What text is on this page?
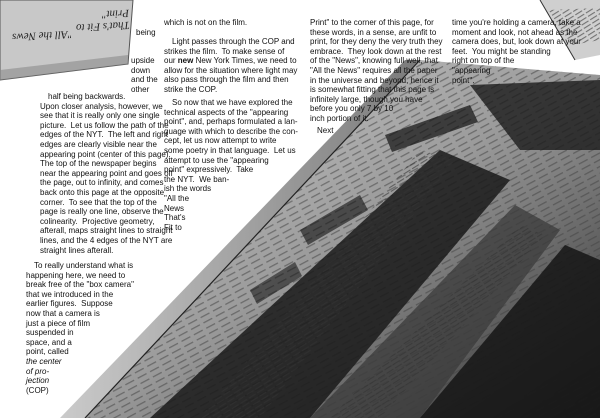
That's Fit to Print"
"All the News	being
upside
down
and the
other
half being backwards.
Upon closer analysis, however, we
see that it is really only one single
picture.  Let us follow the path of the
edges of the NYT.  The left and right
edges are clearly visible near the
appearing point (center of this page).
The top of the newspaper begins
near the appearing point and goes off
the page, out to infinity, and comes
back onto this page at the opposite
corner.  To see that the top of the
page is really one line, observe the
colinearity.  Projective geometry,
afterall, maps straight lines to straight
lines, and the 4 edges of the NYT are
straight lines afterall.
To really understand what is
happening here, we need to
break free of the "box camera"
that we introduced in the
earlier figures.  Suppose
now that a camera is
just a piece of film
suspended in
space, and a
point, called
the center
of pro-
jection
(COP)
which is not on the film.
Light passes through the COP and
strikes the film.  To make sense of
our new New York Times, we need to
allow for the situation where light may
also pass through the film and then
strike the COP.
So now that we have explored the
technical aspects of the "appearing
point", and, perhaps formulated a lan-
guage with which to describe the con-
cept, let us now attempt to write
some poetry in that language.  Let us
attempt to use the "appearing
point" expressively.  Take
the NYT.  We ban-
ish the words
"All the
News
That's
Fit to
Print" to the corner of this page, for
these words, in a sense, are unfit to
print, for they deny the very truth they
embrace.  They look down at the rest
of the "News", knowing full well, that
"All the News" requires all the paper
in the universe and beyond, hence it
is somewhat fitting that this page is
infinitely large, though you have
before you only 7 by 10
inch portion of it.
Next
time you're holding a camera, take a
moment and look, not ahead as the
camera does, but, look down at your
feet.  You might be standing
right on top of the
"appearing
point".
